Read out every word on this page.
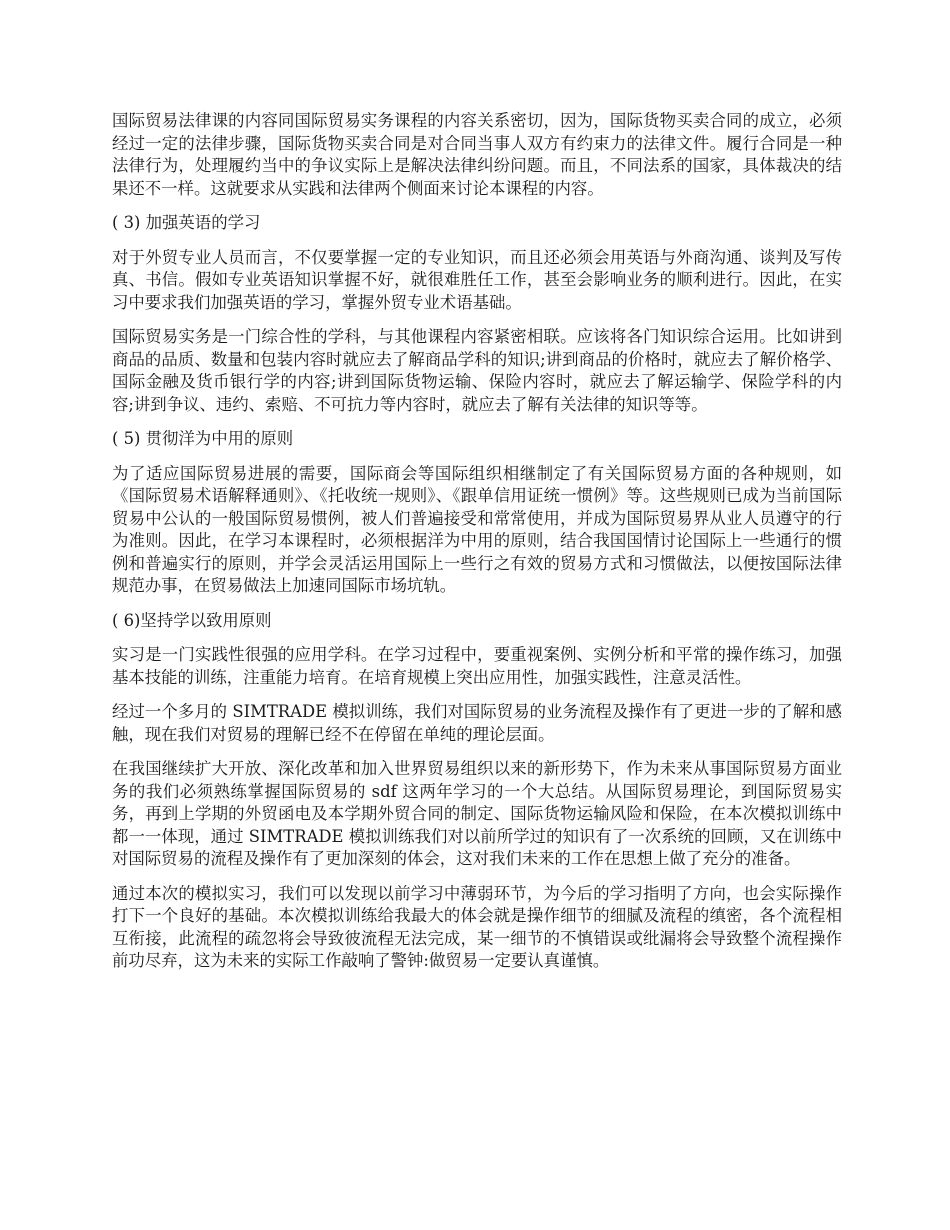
国际贸易法律课的内容同国际贸易实务课程的内容关系密切，因为，国际货物买卖合同的成立，必须经过一定的法律步骤，国际货物买卖合同是对合同当事人双方有约束力的法律文件。履行合同是一种法律行为，处理履约当中的争议实际上是解决法律纠纷问题。而且，不同法系的国家，具体裁决的结果还不一样。这就要求从实践和法律两个侧面来讨论本课程的内容。

( 3) 加强英语的学习

对于外贸专业人员而言，不仅要掌握一定的专业知识，而且还必须会用英语与外商沟通、谈判及写传真、书信。假如专业英语知识掌握不好，就很难胜任工作，甚至会影响业务的顺利进行。因此，在实习中要求我们加强英语的学习，掌握外贸专业术语基础。

国际贸易实务是一门综合性的学科，与其他课程内容紧密相联。应该将各门知识综合运用。比如讲到商品的品质、数量和包装内容时就应去了解商品学科的知识;讲到商品的价格时，就应去了解价格学、国际金融及货币银行学的内容;讲到国际货物运输、保险内容时，就应去了解运输学、保险学科的内容;讲到争议、违约、索赔、不可抗力等内容时，就应去了解有关法律的知识等等。

( 5) 贯彻洋为中用的原则

为了适应国际贸易进展的需要，国际商会等国际组织相继制定了有关国际贸易方面的各种规则，如《国际贸易术语解释通则》、《托收统一规则》、《跟单信用证统一惯例》等。这些规则已成为当前国际贸易中公认的一般国际贸易惯例，被人们普遍接受和常常使用，并成为国际贸易界从业人员遵守的行为准则。因此，在学习本课程时，必须根据洋为中用的原则，结合我国国情讨论国际上一些通行的惯例和普遍实行的原则，并学会灵活运用国际上一些行之有效的贸易方式和习惯做法，以便按国际法律规范办事，在贸易做法上加速同国际市场坑轨。

( 6)坚持学以致用原则

实习是一门实践性很强的应用学科。在学习过程中，要重视案例、实例分析和平常的操作练习，加强基本技能的训练，注重能力培育。在培育规模上突出应用性，加强实践性，注意灵活性。

经过一个多月的 SIMTRADE 模拟训练，我们对国际贸易的业务流程及操作有了更进一步的了解和感触，现在我们对贸易的理解已经不在停留在单纯的理论层面。

在我国继续扩大开放、深化改革和加入世界贸易组织以来的新形势下，作为未来从事国际贸易方面业务的我们必须熟练掌握国际贸易的 sdf 这两年学习的一个大总结。从国际贸易理论，到国际贸易实务，再到上学期的外贸函电及本学期外贸合同的制定、国际货物运输风险和保险，在本次模拟训练中都一一体现，通过 SIMTRADE 模拟训练我们对以前所学过的知识有了一次系统的回顾，又在训练中对国际贸易的流程及操作有了更加深刻的体会，这对我们未来的工作在思想上做了充分的准备。

通过本次的模拟实习，我们可以发现以前学习中薄弱环节，为今后的学习指明了方向，也会实际操作打下一个良好的基础。本次模拟训练给我最大的体会就是操作细节的细腻及流程的缜密，各个流程相互衔接，此流程的疏忽将会导致彼流程无法完成，某一细节的不慎错误或纰漏将会导致整个流程操作前功尽弃，这为未来的实际工作敲响了警钟:做贸易一定要认真谨慎。
